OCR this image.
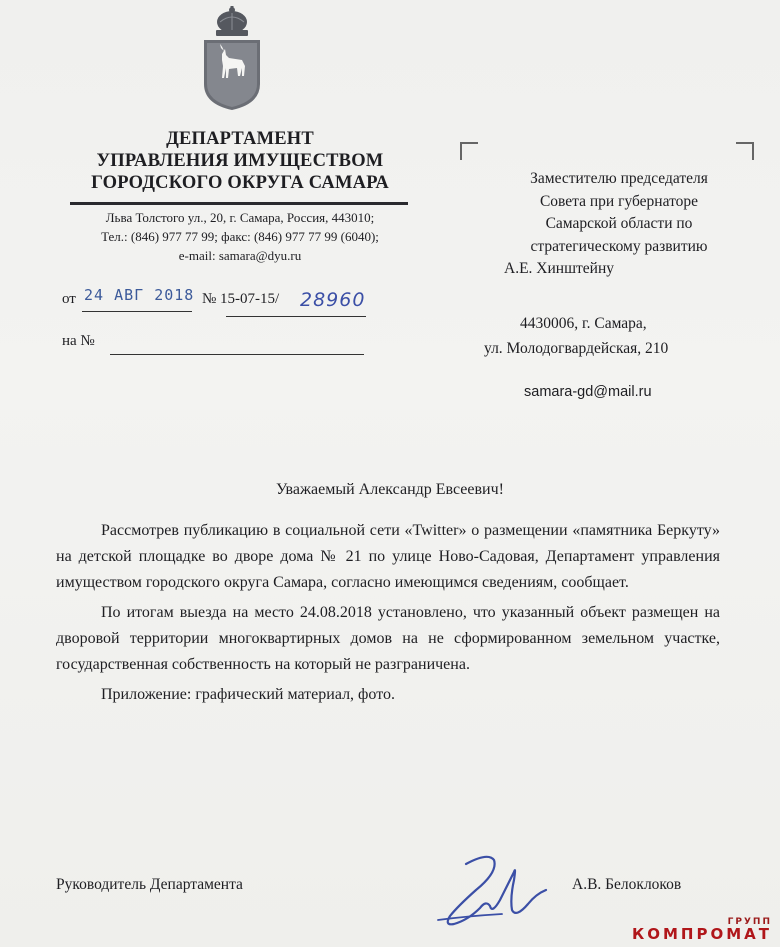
ДЕПАРТАМЕНТ
УПРАВЛЕНИЯ ИМУЩЕСТВОМ
ГОРОДСКОГО ОКРУГА САМАРА
Льва Толстого ул., 20, г. Самара, Россия, 443010;
Тел.: (846) 977 77 99; факс: (846) 977 77 99 (6040);
e-mail: samara@dyu.ru
от 24 АВГ 2018 № 15-07-15/ 28960
на №
Заместителю председателя
Совета при губернаторе
Самарской области по
стратегическому развитию
А.Е. Хинштейну
4430006, г. Самара,
ул. Молодогвардейская, 210
samara-gd@mail.ru
Уважаемый Александр Евсеевич!

Рассмотрев публикацию в социальной сети «Twitter» о размещении «памятника Беркуту» на детской площадке во дворе дома № 21 по улице Ново-Садовая, Департамент управления имуществом городского округа Самара, согласно имеющимся сведениям, сообщает.

По итогам выезда на место 24.08.2018 установлено, что указанный объект размещен на дворовой территории многоквартирных домов на не сформированном земельном участке, государственная собственность на который не разграничена.

Приложение: графический материал, фото.

Руководитель Департамента	А.В. Белоклоков
ГРУПП
КОМПРОМАТ
